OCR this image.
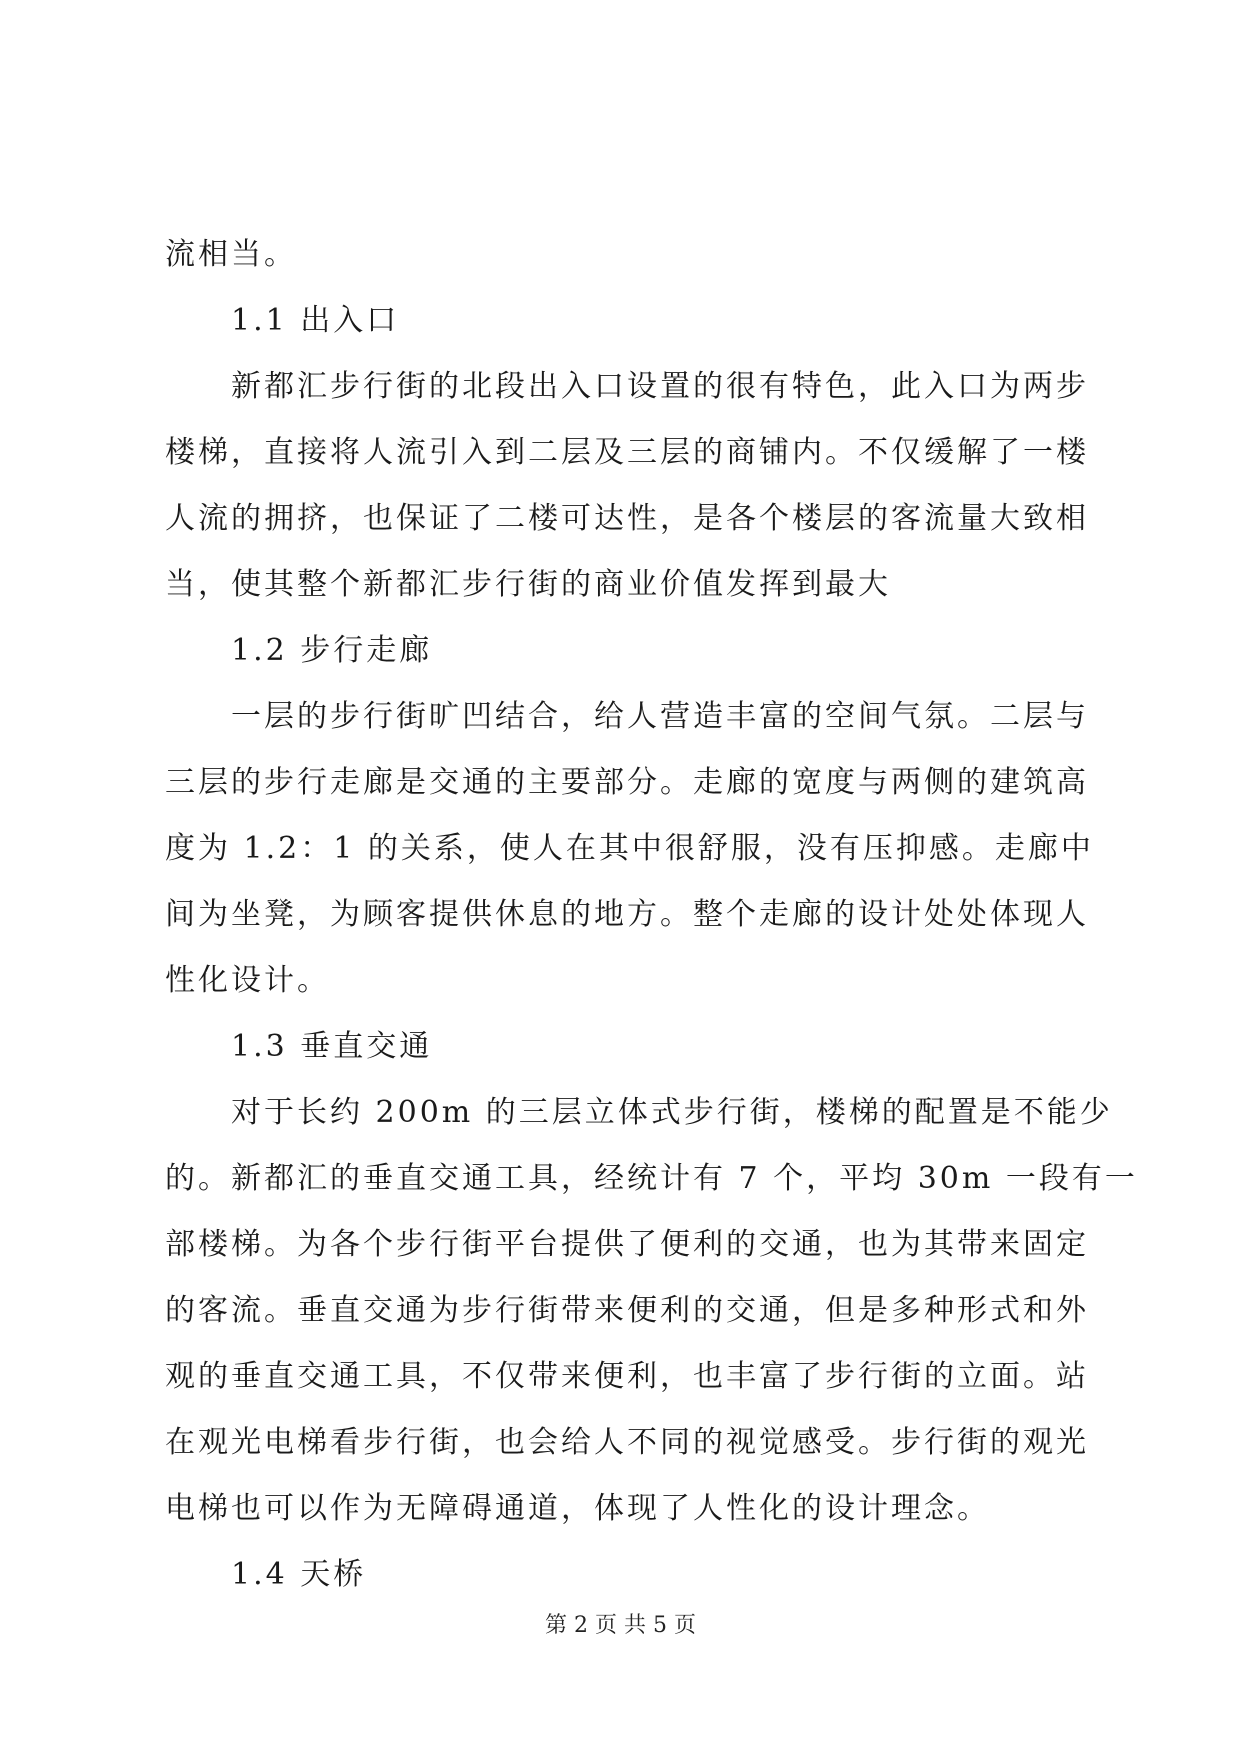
流相当。
1.1 出入口
新都汇步行街的北段出入口设置的很有特色，此入口为两步
楼梯，直接将人流引入到二层及三层的商铺内。不仅缓解了一楼
人流的拥挤，也保证了二楼可达性，是各个楼层的客流量大致相
当，使其整个新都汇步行街的商业价值发挥到最大
1.2 步行走廊
一层的步行街旷凹结合，给人营造丰富的空间气氛。二层与
三层的步行走廊是交通的主要部分。走廊的宽度与两侧的建筑高
度为 1.2：1 的关系，使人在其中很舒服，没有压抑感。走廊中
间为坐凳，为顾客提供休息的地方。整个走廊的设计处处体现人
性化设计。
1.3 垂直交通
对于长约 200m 的三层立体式步行街，楼梯的配置是不能少
的。新都汇的垂直交通工具，经统计有 7 个，平均 30m 一段有一
部楼梯。为各个步行街平台提供了便利的交通，也为其带来固定
的客流。垂直交通为步行街带来便利的交通，但是多种形式和外
观的垂直交通工具，不仅带来便利，也丰富了步行街的立面。站
在观光电梯看步行街，也会给人不同的视觉感受。步行街的观光
电梯也可以作为无障碍通道，体现了人性化的设计理念。
1.4 天桥
第 2 页 共 5 页
